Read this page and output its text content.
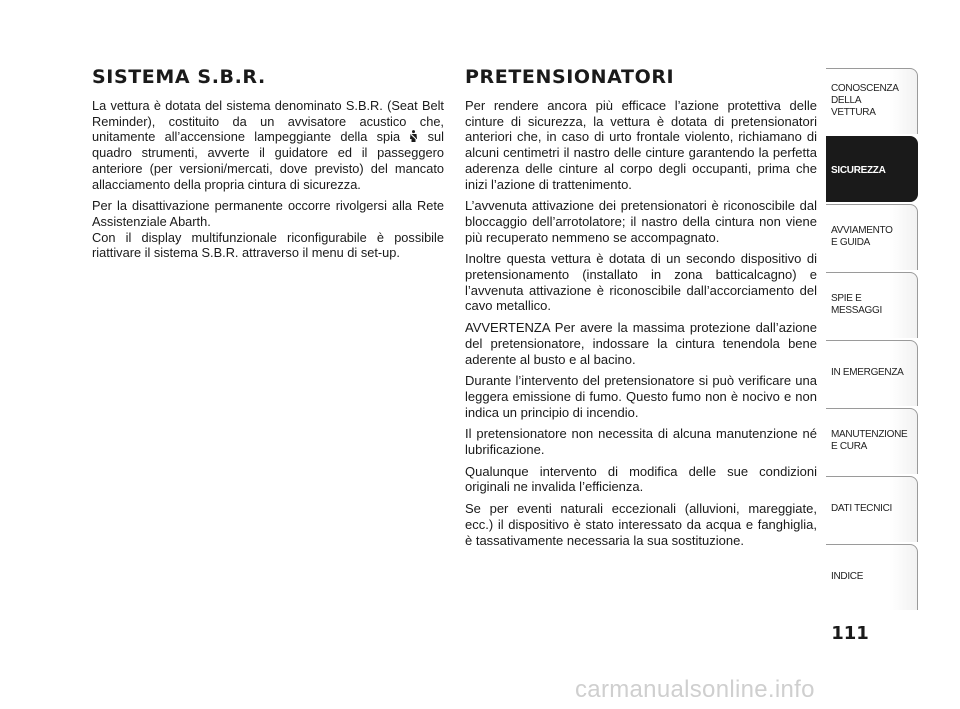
SISTEMA S.B.R.

La vettura è dotata del sistema denominato S.B.R. (Seat Belt Reminder), costituito da un avvisatore acustico che, unitamente all’accensione lampeggiante della spia  sul quadro strumenti, avverte il guidatore ed il passeggero anteriore (per versioni/mercati, dove previsto) del mancato allacciamento della propria cintura di sicurezza.

Per la disattivazione permanente occorre rivolgersi alla Rete Assistenziale Abarth.
Con il display multifunzionale riconfigurabile è possibile riattivare il sistema S.B.R. attraverso il menu di set-up.

PRETENSIONATORI

Per rendere ancora più efficace l’azione protettiva delle cinture di sicurezza, la vettura è dotata di pretensionatori anteriori che, in caso di urto frontale violento, richiamano di alcuni centimetri il nastro delle cinture garantendo la perfetta aderenza delle cinture al corpo degli occupanti, prima che inizi l’azione di trattenimento.

L’avvenuta attivazione dei pretensionatori è riconoscibile dal bloccaggio dell’arrotolatore; il nastro della cintura non viene più recuperato nemmeno se accompagnato.

Inoltre questa vettura è dotata di un secondo dispositivo di pretensionamento (installato in zona batticalcagno) e l’avvenuta attivazione è riconoscibile dall’accorciamento del cavo metallico.

AVVERTENZA Per avere la massima protezione dall’azione del pretensionatore, indossare la cintura tenendola bene aderente al busto e al bacino.

Durante l’intervento del pretensionatore si può verificare una leggera emissione di fumo. Questo fumo non è nocivo e non indica un principio di incendio.

Il pretensionatore non necessita di alcuna manutenzione né lubrificazione.

Qualunque intervento di modifica delle sue condizioni originali ne invalida l’efficienza.

Se per eventi naturali eccezionali (alluvioni, mareggiate, ecc.) il dispositivo è stato interessato da acqua e fanghiglia, è tassativamente necessaria la sua sostituzione.

CONOSCENZA
DELLA
VETTURA
SICUREZZA
AVVIAMENTO
E GUIDA
SPIE E
MESSAGGI
IN EMERGENZA
MANUTENZIONE
E CURA
DATI TECNICI
INDICE
111
carmanualsonline.info
